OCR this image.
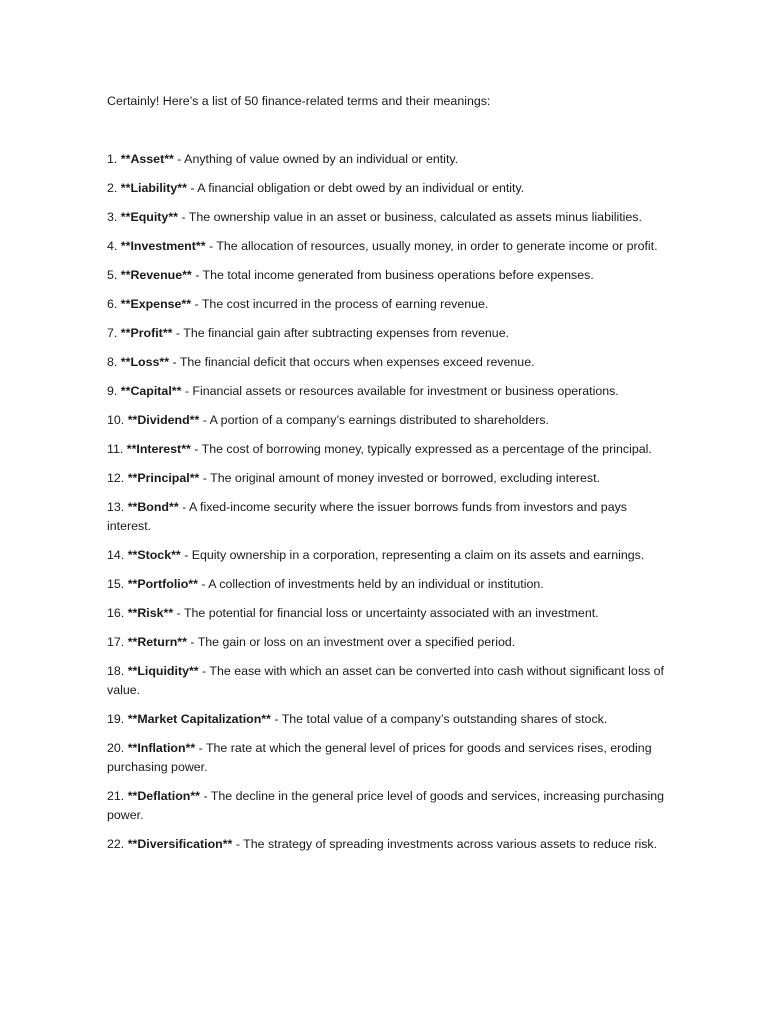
Certainly! Here’s a list of 50 finance-related terms and their meanings:

1. **Asset** - Anything of value owned by an individual or entity.
2. **Liability** - A financial obligation or debt owed by an individual or entity.
3. **Equity** - The ownership value in an asset or business, calculated as assets minus liabilities.
4. **Investment** - The allocation of resources, usually money, in order to generate income or profit.
5. **Revenue** - The total income generated from business operations before expenses.
6. **Expense** - The cost incurred in the process of earning revenue.
7. **Profit** - The financial gain after subtracting expenses from revenue.
8. **Loss** - The financial deficit that occurs when expenses exceed revenue.
9. **Capital** - Financial assets or resources available for investment or business operations.
10. **Dividend** - A portion of a company’s earnings distributed to shareholders.
11. **Interest** - The cost of borrowing money, typically expressed as a percentage of the principal.
12. **Principal** - The original amount of money invested or borrowed, excluding interest.
13. **Bond** - A fixed-income security where the issuer borrows funds from investors and pays interest.
14. **Stock** - Equity ownership in a corporation, representing a claim on its assets and earnings.
15. **Portfolio** - A collection of investments held by an individual or institution.
16. **Risk** - The potential for financial loss or uncertainty associated with an investment.
17. **Return** - The gain or loss on an investment over a specified period.
18. **Liquidity** - The ease with which an asset can be converted into cash without significant loss of value.
19. **Market Capitalization** - The total value of a company’s outstanding shares of stock.
20. **Inflation** - The rate at which the general level of prices for goods and services rises, eroding purchasing power.
21. **Deflation** - The decline in the general price level of goods and services, increasing purchasing power.
22. **Diversification** - The strategy of spreading investments across various assets to reduce risk.
